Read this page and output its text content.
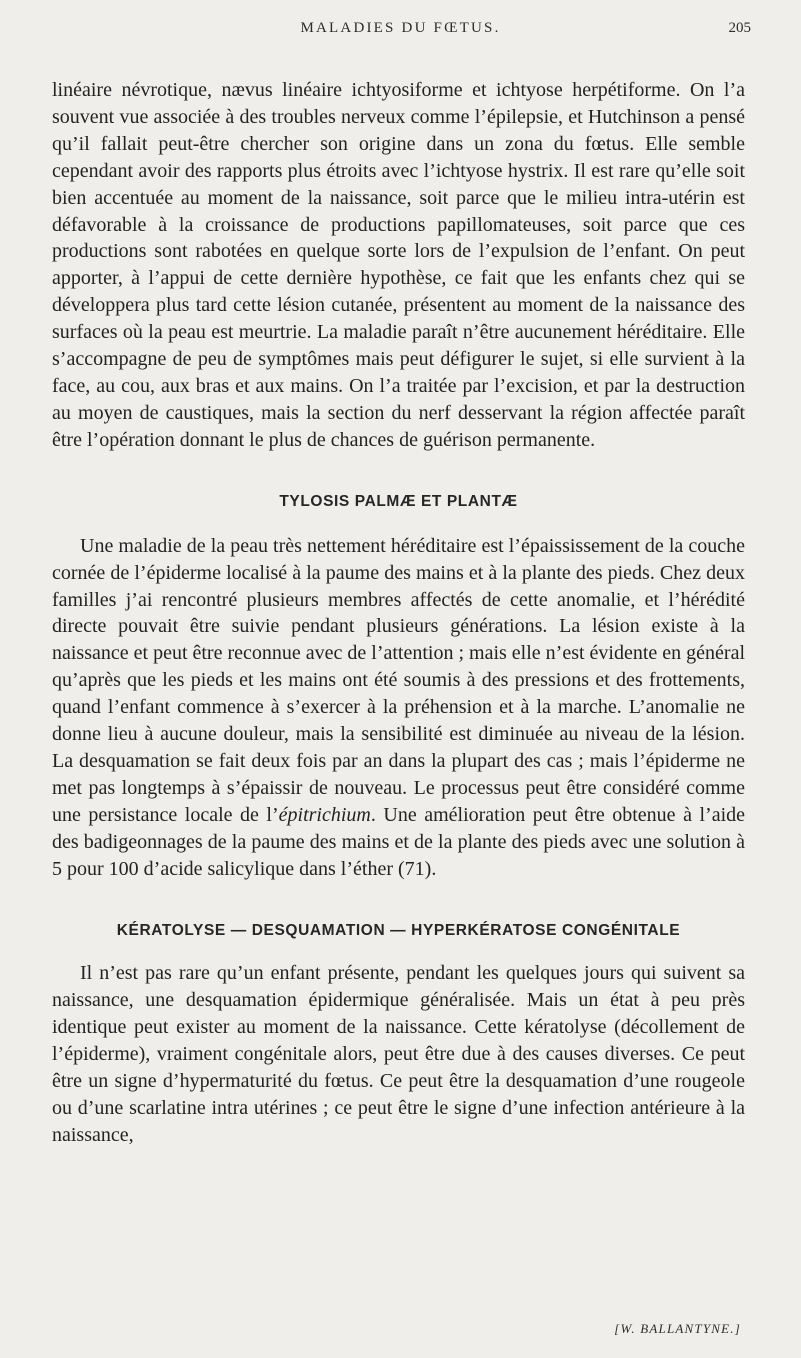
MALADIES DU FŒTUS.	205

linéaire névrotique, nævus linéaire ichtyosiforme et ichtyose herpétiforme. On l’a souvent vue associée à des troubles nerveux comme l’épilepsie, et Hutchinson a pensé qu’il fallait peut-être chercher son origine dans un zona du fœtus. Elle semble cependant avoir des rapports plus étroits avec l’ichtyose hystrix. Il est rare qu’elle soit bien accentuée au moment de la naissance, soit parce que le milieu intra-utérin est défavorable à la croissance de productions papillomateuses, soit parce que ces productions sont rabotées en quelque sorte lors de l’expulsion de l’enfant. On peut apporter, à l’appui de cette dernière hypothèse, ce fait que les enfants chez qui se développera plus tard cette lésion cutanée, présentent au moment de la naissance des surfaces où la peau est meurtrie. La maladie paraît n’être aucunement héréditaire. Elle s’accompagne de peu de symptômes mais peut défigurer le sujet, si elle survient à la face, au cou, aux bras et aux mains. On l’a traitée par l’excision, et par la destruction au moyen de caustiques, mais la section du nerf desservant la région affectée paraît être l’opération donnant le plus de chances de guérison permanente.

TYLOSIS PALMÆ ET PLANTÆ

Une maladie de la peau très nettement héréditaire est l’épaississement de la couche cornée de l’épiderme localisé à la paume des mains et à la plante des pieds. Chez deux familles j’ai rencontré plusieurs membres affectés de cette anomalie, et l’hérédité directe pouvait être suivie pendant plusieurs générations. La lésion existe à la naissance et peut être reconnue avec de l’attention ; mais elle n’est évidente en général qu’après que les pieds et les mains ont été soumis à des pressions et des frottements, quand l’enfant commence à s’exercer à la préhension et à la marche. L’anomalie ne donne lieu à aucune douleur, mais la sensibilité est diminuée au niveau de la lésion. La desquamation se fait deux fois par an dans la plupart des cas ; mais l’épiderme ne met pas longtemps à s’épaissir de nouveau. Le processus peut être considéré comme une persistance locale de l’épitrichium. Une amélioration peut être obtenue à l’aide des badigeonnages de la paume des mains et de la plante des pieds avec une solution à 5 pour 100 d’acide salicylique dans l’éther (71).

KÉRATOLYSE — DESQUAMATION — HYPERKÉRATOSE CONGÉNITALE

Il n’est pas rare qu’un enfant présente, pendant les quelques jours qui suivent sa naissance, une desquamation épidermique généralisée. Mais un état à peu près identique peut exister au moment de la naissance. Cette kératolyse (décollement de l’épiderme), vraiment congénitale alors, peut être due à des causes diverses. Ce peut être un signe d’hypermaturité du fœtus. Ce peut être la desquamation d’une rougeole ou d’une scarlatine intra utérines ; ce peut être le signe d’une infection antérieure à la naissance,

[W. BALLANTYNE.]
